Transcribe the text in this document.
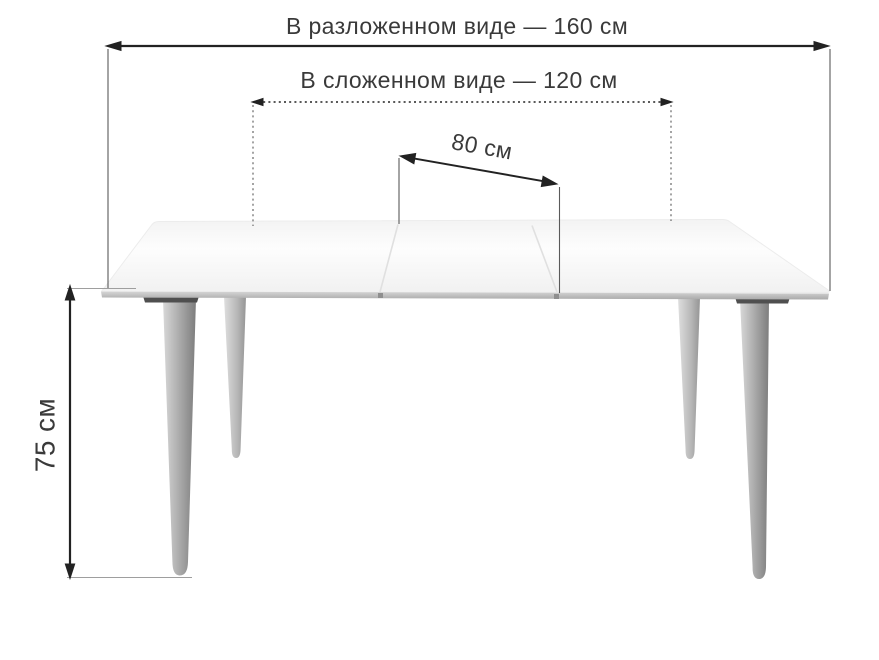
В разложенном виде — 160 см
В сложенном виде — 120 см
80 см
75 см
